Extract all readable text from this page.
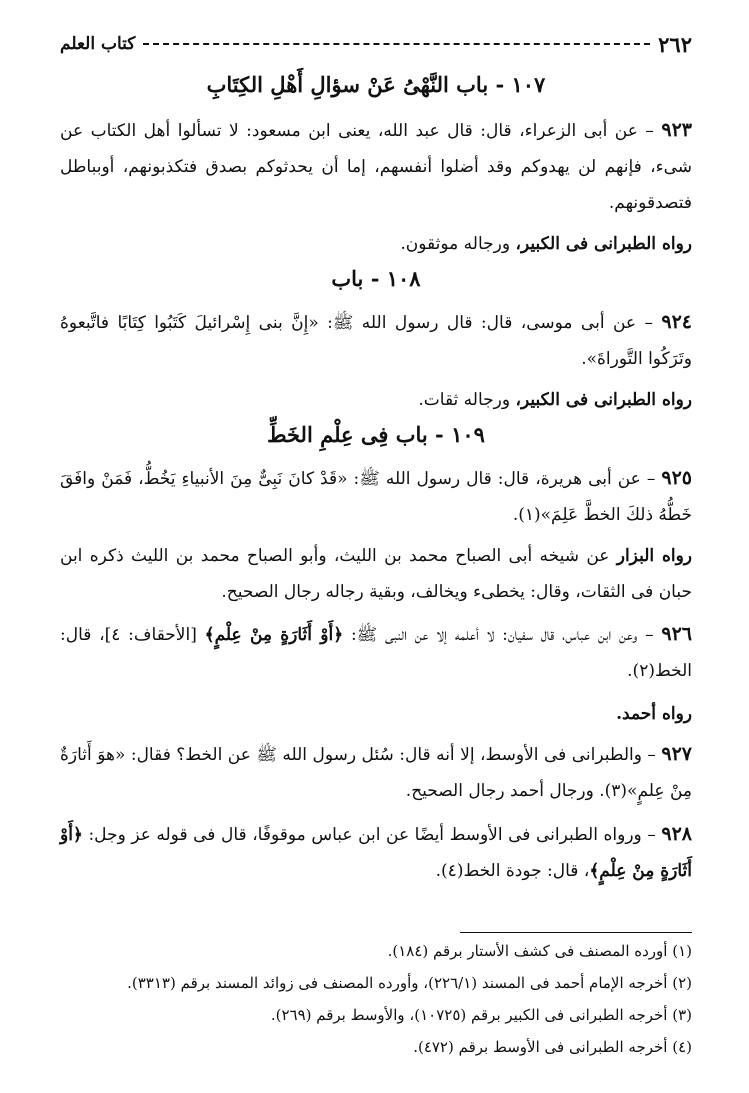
٢٦٢
كتاب العلم
١٠٧ - باب النَّهْىُ عَنْ سؤالِ أَهْلِ الكِتَابِ
٩٢٣ – عن أبى الزعراء، قال: قال عبد الله، يعنى ابن مسعود: لا تسألوا أهل الكتاب عن شىء، فإنهم لن يهدوكم وقد أضلوا أنفسهم، إما أن يحدثوكم بصدق فتكذبونهم، أوبباطل فتصدقونهم.
رواه الطبرانى فى الكبير، ورجاله موثقون.
١٠٨ - باب
٩٢٤ – عن أبى موسى، قال: قال رسول الله ﷺ: «إِنَّ بنى إِسْرائيلَ كَتَبُوا كِتَابًا فاتَّبعوهُ وتَرَكُوا التَّوراةَ».
رواه الطبرانى فى الكبير، ورجاله ثقات.
١٠٩ - باب فِى عِلْمِ الخَطِّ
٩٢٥ – عن أبى هريرة، قال: قال رسول الله ﷺ: «قَدْ كانَ نَبِىٌّ مِنَ الأنبياءِ يَخُطُّ، فَمَنْ وافَقَ خَطُّهُ ذلكَ الخطَّ عَلِمَ»(١).
رواه البزار عن شيخه أبى الصباح محمد بن الليث، وأبو الصباح محمد بن الليث ذكره ابن حبان فى الثقات، وقال: يخطىء ويخالف، وبقية رجاله رجال الصحيح.
٩٢٦ – وعن ابن عباس، قال سفيان: لا أعلمه إلا عن النبى ﷺ: ﴿أَوْ أَثَارَةٍ مِنْ عِلْمٍ﴾ [الأحقاف: ٤]، قال: الخط(٢).
رواه أحمد.
٩٢٧ – والطبرانى فى الأوسط، إلا أنه قال: سُئل رسول الله ﷺ عن الخط؟ فقال: «هوَ أَثارَةٌ مِنْ عِلمٍ»(٣). ورجال أحمد رجال الصحيح.
٩٢٨ – ورواه الطبرانى فى الأوسط أيضًا عن ابن عباس موقوفًا، قال فى قوله عز وجل: ﴿أَوْ أَثَارَةٍ مِنْ عِلْمٍ﴾، قال: جودة الخط(٤).
(١) أورده المصنف فى كشف الأستار برقم (١٨٤).
(٢) أخرجه الإمام أحمد فى المسند (٢٢٦/١)، وأورده المصنف فى زوائد المسند برقم (٣٣١٣).
(٣) أخرجه الطبرانى فى الكبير برقم (١٠٧٢٥)، والأوسط برقم (٢٦٩).
(٤) أخرجه الطبرانى فى الأوسط برقم (٤٧٢).
